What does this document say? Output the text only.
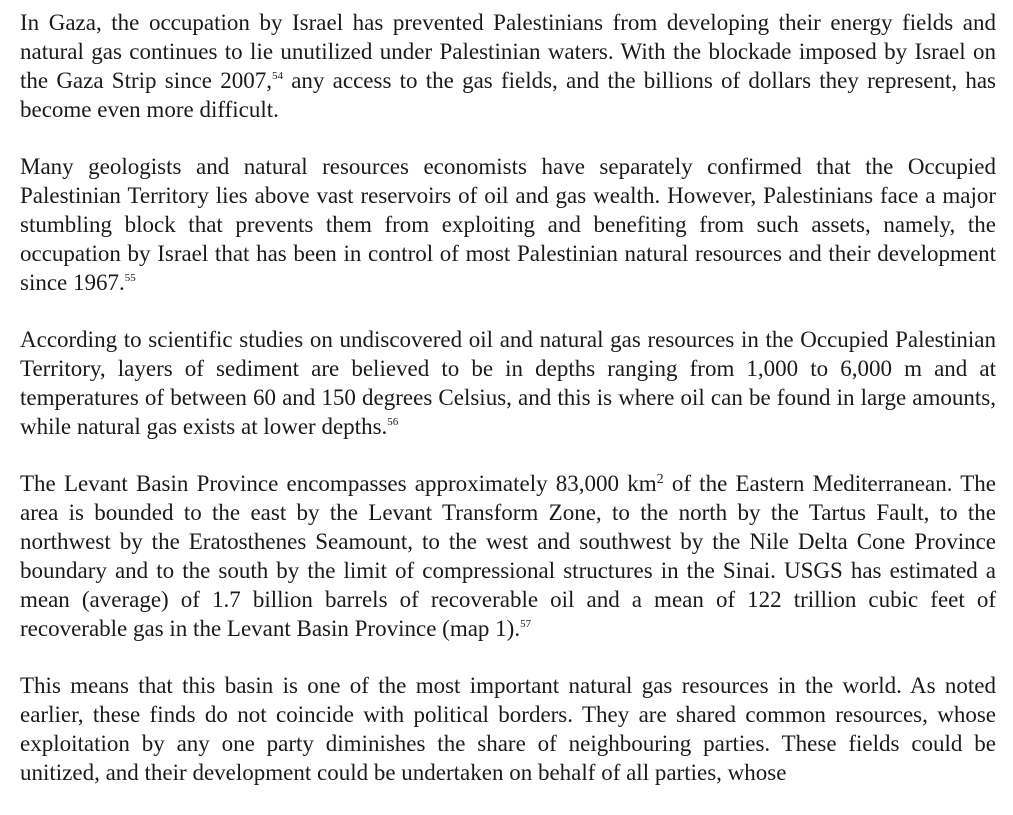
In Gaza, the occupation by Israel has prevented Palestinians from developing their energy fields and natural gas continues to lie unutilized under Palestinian waters. With the blockade imposed by Israel on the Gaza Strip since 2007,54 any access to the gas fields, and the billions of dollars they represent, has become even more difficult.

Many geologists and natural resources economists have separately confirmed that the Occupied Palestinian Territory lies above vast reservoirs of oil and gas wealth. However, Palestinians face a major stumbling block that prevents them from exploiting and benefiting from such assets, namely, the occupation by Israel that has been in control of most Palestinian natural resources and their development since 1967.55

According to scientific studies on undiscovered oil and natural gas resources in the Occupied Palestinian Territory, layers of sediment are believed to be in depths ranging from 1,000 to 6,000 m and at temperatures of between 60 and 150 degrees Celsius, and this is where oil can be found in large amounts, while natural gas exists at lower depths.$^{56}$

The Levant Basin Province encompasses approximately 83,000 $km^2$ of the Eastern Mediterranean. The area is bounded to the east by the Levant Transform Zone, to the north by the Tartus Fault, to the northwest by the Eratosthenes Seamount, to the west and southwest by the Nile Delta Cone Province boundary and to the south by the limit of compressional structures in the Sinai. USGS has estimated a mean (average) of 1.7 billion barrels of recoverable oil and a mean of 122 trillion cubic feet of recoverable gas in the Levant Basin Province (map 1).$^{57}$

This means that this basin is one of the most important natural gas resources in the world. As noted earlier, these finds do not coincide with political borders. They are shared common resources, whose exploitation by any one party diminishes the share of neighbouring parties. These fields could be unitized, and their development could be undertaken on behalf of all parties, whose
